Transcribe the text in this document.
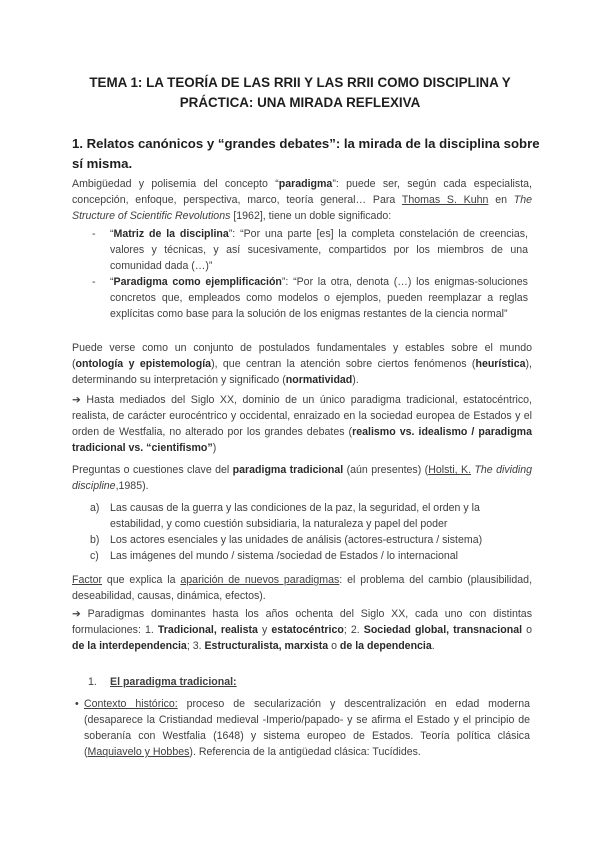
TEMA 1: LA TEORÍA DE LAS RRII Y LAS RRII COMO DISCIPLINA Y
PRÁCTICA: UNA MIRADA REFLEXIVA
1. Relatos canónicos y “grandes debates”: la mirada de la disciplina sobre sí misma.

Ambigüedad y polisemia del concepto “paradigma”: puede ser, según cada especialista, concepción, enfoque, perspectiva, marco, teoría general… Para Thomas S. Kuhn en The Structure of Scientific Revolutions [1962], tiene un doble significado:

- “Matriz de la disciplina”: “Por una parte [es] la completa constelación de creencias, valores y técnicas, y así sucesivamente, compartidos por los miembros de una comunidad dada (…)”

- “Paradigma como ejemplificación”: “Por la otra, denota (…) los enigmas-soluciones concretos que, empleados como modelos o ejemplos, pueden reemplazar a reglas explícitas como base para la solución de los enigmas restantes de la ciencia normal”

Puede verse como un conjunto de postulados fundamentales y estables sobre el mundo (ontología y epistemología), que centran la atención sobre ciertos fenómenos (heurística), determinando su interpretación y significado (normatividad).

➔ Hasta mediados del Siglo XX, dominio de un único paradigma tradicional, estatocéntrico, realista, de carácter eurocéntrico y occidental, enraizado en la sociedad europea de Estados y el orden de Westfalia, no alterado por los grandes debates (realismo vs. idealismo / paradigma tradicional vs. “cientifismo”)

Preguntas o cuestiones clave del paradigma tradicional (aún presentes) (Holsti, K. The dividing discipline,1985).

a) Las causas de la guerra y las condiciones de la paz, la seguridad, el orden y la estabilidad, y como cuestión subsidiaria, la naturaleza y papel del poder

b) Los actores esenciales y las unidades de análisis (actores-estructura / sistema)

c) Las imágenes del mundo / sistema /sociedad de Estados / lo internacional

Factor que explica la aparición de nuevos paradigmas: el problema del cambio (plausibilidad, deseabilidad, causas, dinámica, efectos).

➔ Paradigmas dominantes hasta los años ochenta del Siglo XX, cada uno con distintas formulaciones: 1. Tradicional, realista y estatocéntrico; 2. Sociedad global, transnacional o de la interdependencia; 3. Estructuralista, marxista o de la dependencia.

1. El paradigma tradicional:
• Contexto histórico: proceso de secularización y descentralización en edad moderna (desaparece la Cristiandad medieval -Imperio/papado- y se afirma el Estado y el principio de soberanía con Westfalia (1648) y sistema europeo de Estados. Teoría política clásica (Maquiavelo y Hobbes). Referencia de la antigüedad clásica: Tucídides.
